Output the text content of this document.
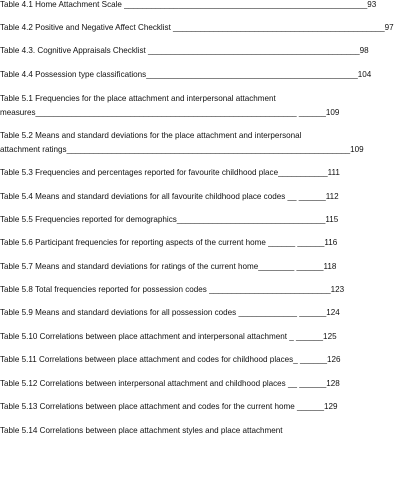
Table 4.1 Home Attachment Scale ______________________________________________________93
Table 4.2 Positive and Negative Affect Checklist _______________________________________________97
Table 4.3. Cognitive Appraisals Checklist _______________________________________________98
Table 4.4 Possession type classifications_______________________________________________104
Table 5.1 Frequencies for the place attachment and interpersonal attachment
measures__________________________________________________________ ______109
Table 5.2 Means and standard deviations for the place attachment and interpersonal
attachment ratings_______________________________________________________________109
Table 5.3 Frequencies and percentages reported for favourite childhood place___________111
Table 5.4 Means and standard deviations for all favourite childhood place codes __ ______112
Table 5.5 Frequencies reported for demographics_________________________________115
Table 5.6 Participant frequencies for reporting aspects of the current home ______ ______116
Table 5.7 Means and standard deviations for ratings of the current home________ ______118
Table 5.8 Total frequencies reported for possession codes ___________________________123
Table 5.9 Means and standard deviations for all possession codes _____________ ______124
Table 5.10 Correlations between place attachment and interpersonal attachment _ ______125
Table 5.11 Correlations between place attachment and codes for childhood places_ ______126
Table 5.12 Correlations between interpersonal attachment and childhood places __ ______128
Table 5.13 Correlations between place attachment and codes for the current home ______129
Table 5.14 Correlations between place attachment styles and place attachment
